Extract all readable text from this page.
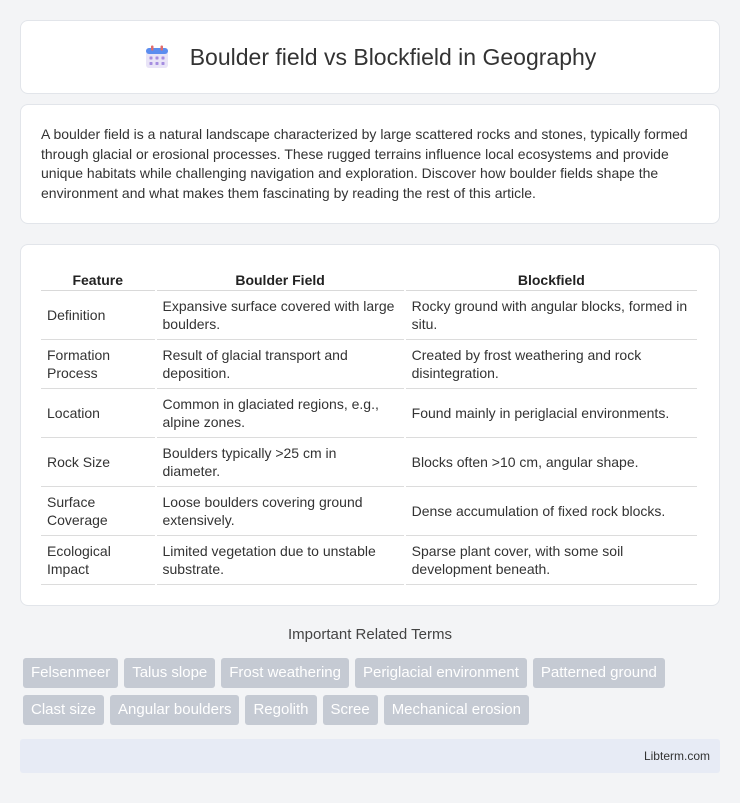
Boulder field vs Blockfield in Geography

A boulder field is a natural landscape characterized by large scattered rocks and stones, typically formed through glacial or erosional processes. These rugged terrains influence local ecosystems and provide unique habitats while challenging navigation and exploration. Discover how boulder fields shape the environment and what makes them fascinating by reading the rest of this article.

Feature	Boulder Field	Blockfield
Definition	Expansive surface covered with large boulders.	Rocky ground with angular blocks, formed in situ.
Formation Process	Result of glacial transport and deposition.	Created by frost weathering and rock disintegration.
Location	Common in glaciated regions, e.g., alpine zones.	Found mainly in periglacial environments.
Rock Size	Boulders typically >25 cm in diameter.	Blocks often >10 cm, angular shape.
Surface Coverage	Loose boulders covering ground extensively.	Dense accumulation of fixed rock blocks.
Ecological Impact	Limited vegetation due to unstable substrate.	Sparse plant cover, with some soil development beneath.
Important Related Terms
Felsenmeer	Talus slope	Frost weathering	Periglacial environment	Patterned ground
Clast size	Angular boulders	Regolith	Scree	Mechanical erosion
Libterm.com
